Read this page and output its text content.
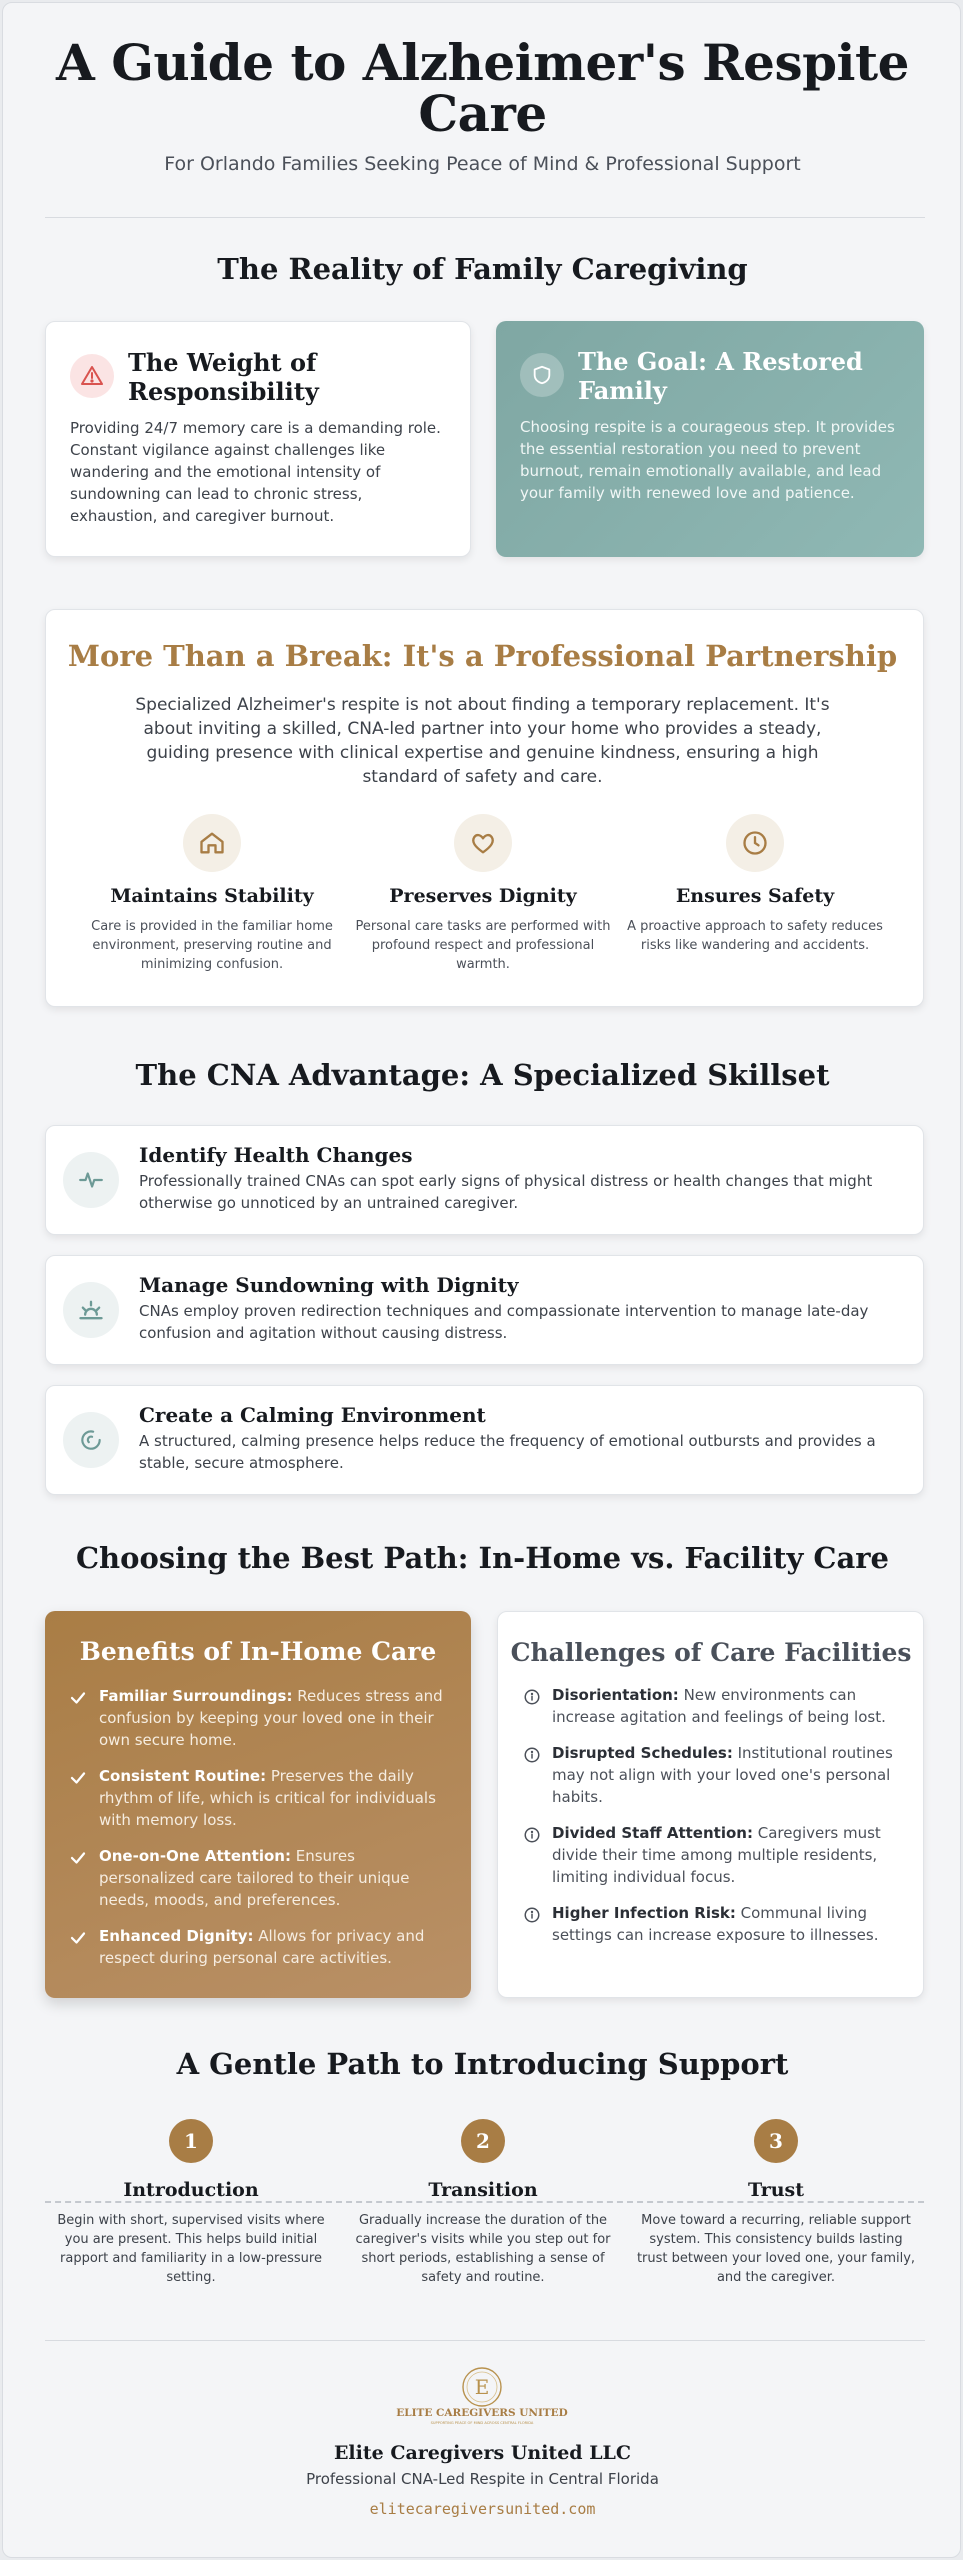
A Guide to Alzheimer's Respite Care
For Orlando Families Seeking Peace of Mind & Professional Support
The Reality of Family Caregiving
The Weight of Responsibility
Providing 24/7 memory care is a demanding role. Constant vigilance against challenges like wandering and the emotional intensity of sundowning can lead to chronic stress, exhaustion, and caregiver burnout.
The Goal: A Restored Family
Choosing respite is a courageous step. It provides the essential restoration you need to prevent burnout, remain emotionally available, and lead your family with renewed love and patience.
More Than a Break: It's a Professional Partnership

Specialized Alzheimer's respite is not about finding a temporary replacement. It's about inviting a skilled, CNA-led partner into your home who provides a steady, guiding presence with clinical expertise and genuine kindness, ensuring a high standard of safety and care.

Maintains Stability
Care is provided in the familiar home environment, preserving routine and minimizing confusion.
Preserves Dignity
Personal care tasks are performed with profound respect and professional warmth.
Ensures Safety
A proactive approach to safety reduces risks like wandering and accidents.
The CNA Advantage: A Specialized Skillset
Identify Health Changes
Professionally trained CNAs can spot early signs of physical distress or health changes that might otherwise go unnoticed by an untrained caregiver.
Manage Sundowning with Dignity
CNAs employ proven redirection techniques and compassionate intervention to manage late-day confusion and agitation without causing distress.
Create a Calming Environment
A structured, calming presence helps reduce the frequency of emotional outbursts and provides a stable, secure atmosphere.
Choosing the Best Path: In-Home vs. Facility Care
Benefits of In-Home Care
Familiar Surroundings: Reduces stress and confusion by keeping your loved one in their own secure home.
Consistent Routine: Preserves the daily rhythm of life, which is critical for individuals with memory loss.
One-on-One Attention: Ensures personalized care tailored to their unique needs, moods, and preferences.
Enhanced Dignity: Allows for privacy and respect during personal care activities.
Challenges of Care Facilities
Disorientation: New environments can increase agitation and feelings of being lost.
Disrupted Schedules: Institutional routines may not align with your loved one's personal habits.
Divided Staff Attention: Caregivers must divide their time among multiple residents, limiting individual focus.
Higher Infection Risk: Communal living settings can increase exposure to illnesses.
A Gentle Path to Introducing Support
1
Introduction
Begin with short, supervised visits where you are present. This helps build initial rapport and familiarity in a low-pressure setting.
2
Transition
Gradually increase the duration of the caregiver's visits while you step out for short periods, establishing a sense of safety and routine.
3
Trust
Move toward a recurring, reliable support system. This consistency builds lasting trust between your loved one, your family, and the caregiver.
E
ELITE CAREGIVERS UNITED
SUPPORTING PEACE OF MIND ACROSS CENTRAL FLORIDA
Elite Caregivers United LLC
Professional CNA-Led Respite in Central Florida
elitecaregiversunited.com
